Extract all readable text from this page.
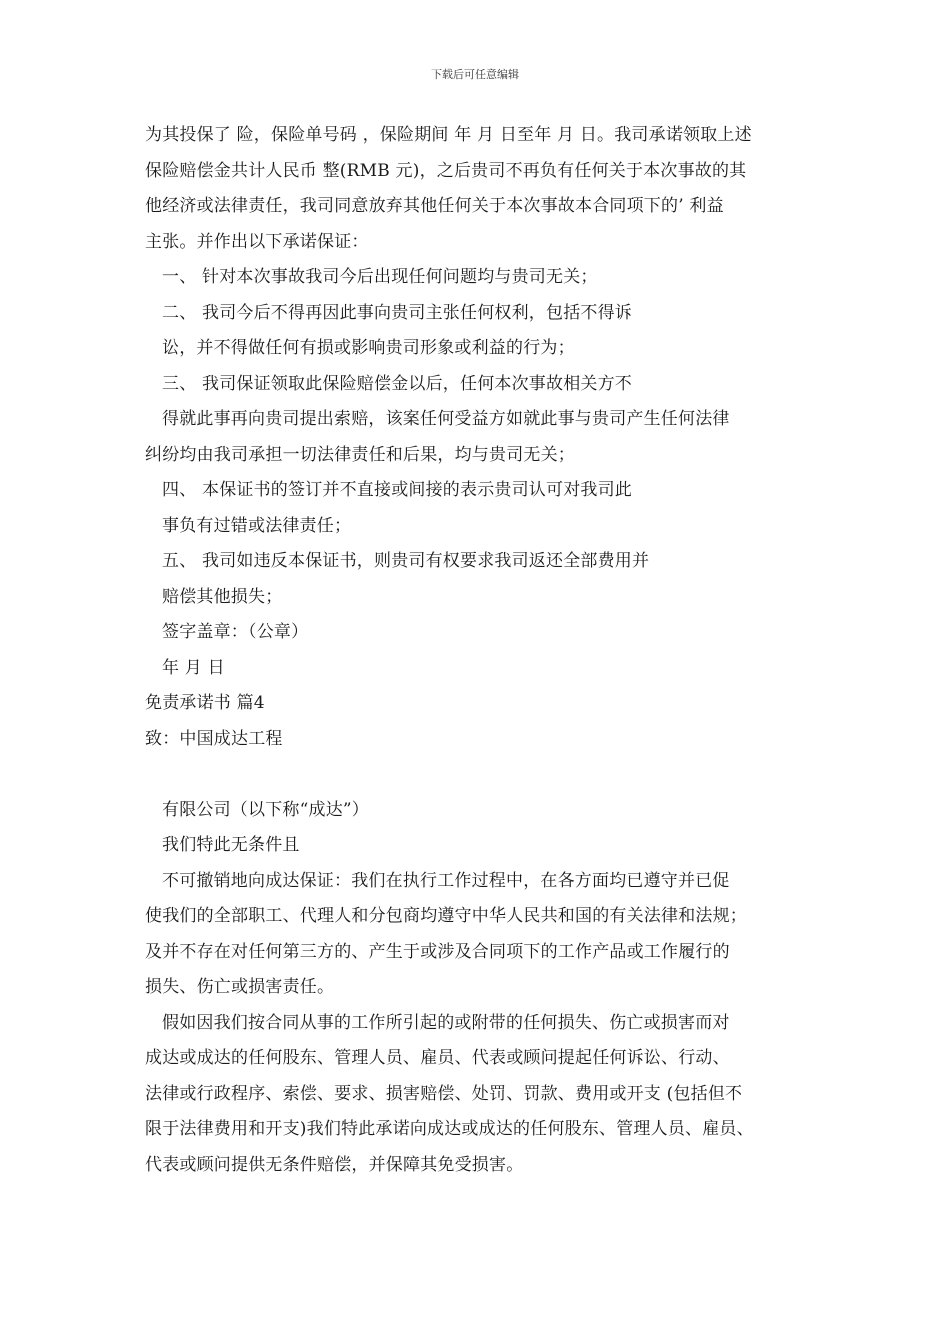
下载后可任意编辑
为其投保了 险，保险单号码 ，保险期间 年 月 日至年 月 日。我司承诺领取上述
保险赔偿金共计人民币 整(RMB 元)，之后贵司不再负有任何关于本次事故的其
他经济或法律责任，我司同意放弃其他任何关于本次事故本合同项下的’ 利益
主张。并作出以下承诺保证：
一、 针对本次事故我司今后出现任何问题均与贵司无关；
二、 我司今后不得再因此事向贵司主张任何权利，包括不得诉
讼，并不得做任何有损或影响贵司形象或利益的行为；
三、 我司保证领取此保险赔偿金以后，任何本次事故相关方不
得就此事再向贵司提出索赔，该案任何受益方如就此事与贵司产生任何法律
纠纷均由我司承担一切法律责任和后果，均与贵司无关；
四、 本保证书的签订并不直接或间接的表示贵司认可对我司此
事负有过错或法律责任；
五、 我司如违反本保证书，则贵司有权要求我司返还全部费用并
赔偿其他损失；
签字盖章：（公章）
年 月 日
免责承诺书 篇4
致：中国成达工程
有限公司（以下称“成达”）
我们特此无条件且
不可撤销地向成达保证：我们在执行工作过程中，在各方面均已遵守并已促
使我们的全部职工、代理人和分包商均遵守中华人民共和国的有关法律和法规；
及并不存在对任何第三方的、产生于或涉及合同项下的工作产品或工作履行的
损失、伤亡或损害责任。
假如因我们按合同从事的工作所引起的或附带的任何损失、伤亡或损害而对
成达或成达的任何股东、管理人员、雇员、代表或顾问提起任何诉讼、行动、
法律或行政程序、索偿、要求、损害赔偿、处罚、罚款、费用或开支 (包括但不
限于法律费用和开支)我们特此承诺向成达或成达的任何股东、管理人员、雇员、
代表或顾问提供无条件赔偿，并保障其免受损害。
